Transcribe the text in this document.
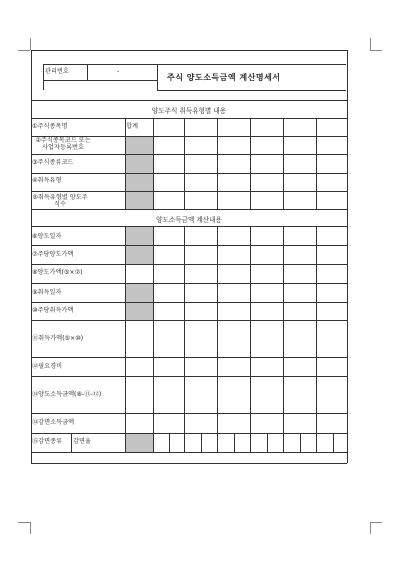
관리번호	-
주식 양도소득금액 계산명세서
양도주식 취득유형별 내용
합계
①주식종목명
②주식종목코드 또는 사업자등록번호
③주식종류코드
④취득유형
⑤취득유형별 양도주식수
양도소득금액 계산내용
⑥양도일자
⑦주당양도가액
⑧양도가액(⑤×⑦)
⑨취득일자
⑩주당취득가액
⑪취득가액(⑤×⑩)
⑫필요경비
⑬양도소득금액(⑧-⑪-⑫)
⑭감면소득금액
⑮감면종류 감면율
